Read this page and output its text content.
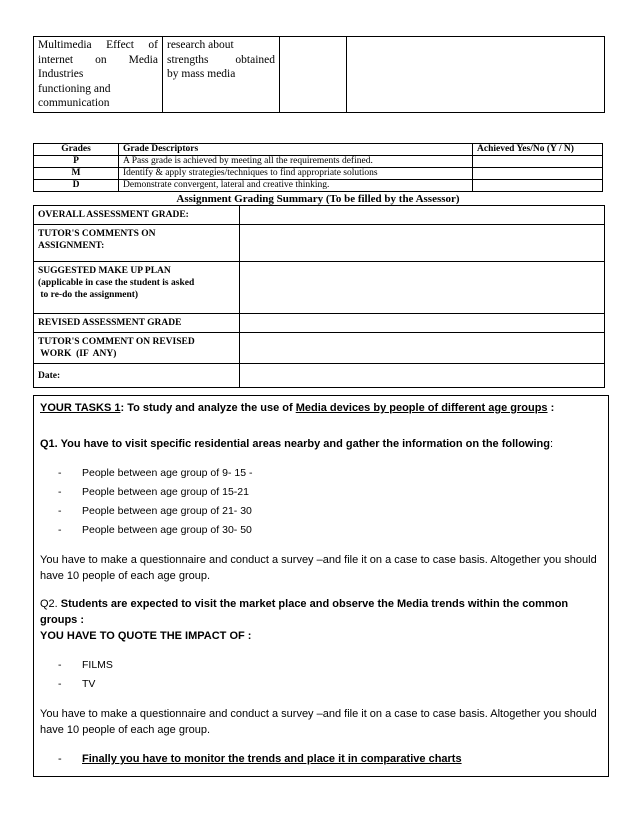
Multimedia Effect of
internet on Media
Industries
functioning and
communication

research about
strengths obtained
by mass media

Grades	Grade Descriptors	Achieved Yes/No (Y / N)
P	A Pass grade is achieved by meeting all the requirements defined.	
M	Identify & apply strategies/techniques to find appropriate solutions	
D	Demonstrate convergent, lateral and creative thinking.	
Assignment Grading Summary (To be filled by the Assessor)
OVERALL ASSESSMENT GRADE:	

TUTOR'S COMMENTS ON
ASSIGNMENT:	

SUGGESTED MAKE UP PLAN
(applicable in case the student is asked
to re-do the assignment)	

REVISED ASSESSMENT GRADE	

TUTOR'S COMMENT ON REVISED
WORK  (IF  ANY)	

Date:	

YOUR TASKS 1: To study and analyze the use of Media devices by people of different age groups :

Q1. You have to visit specific residential areas nearby and gather the information on the following:

- People between age group of 9- 15 -
- People between age group of 15-21
- People between age group of 21- 30
- People between age group of 30- 50

You have to make a questionnaire and conduct a survey –and file it on a case to case basis. Altogether you should have 10 people of each age group.

Q2. Students are expected to visit the market place and observe the Media trends within the common groups :

YOU HAVE TO QUOTE THE IMPACT OF :

- FILMS
- TV

You have to make a questionnaire and conduct a survey –and file it on a case to case basis. Altogether you should have 10 people of each age group.

- Finally you have to monitor the trends and place it in comparative charts
